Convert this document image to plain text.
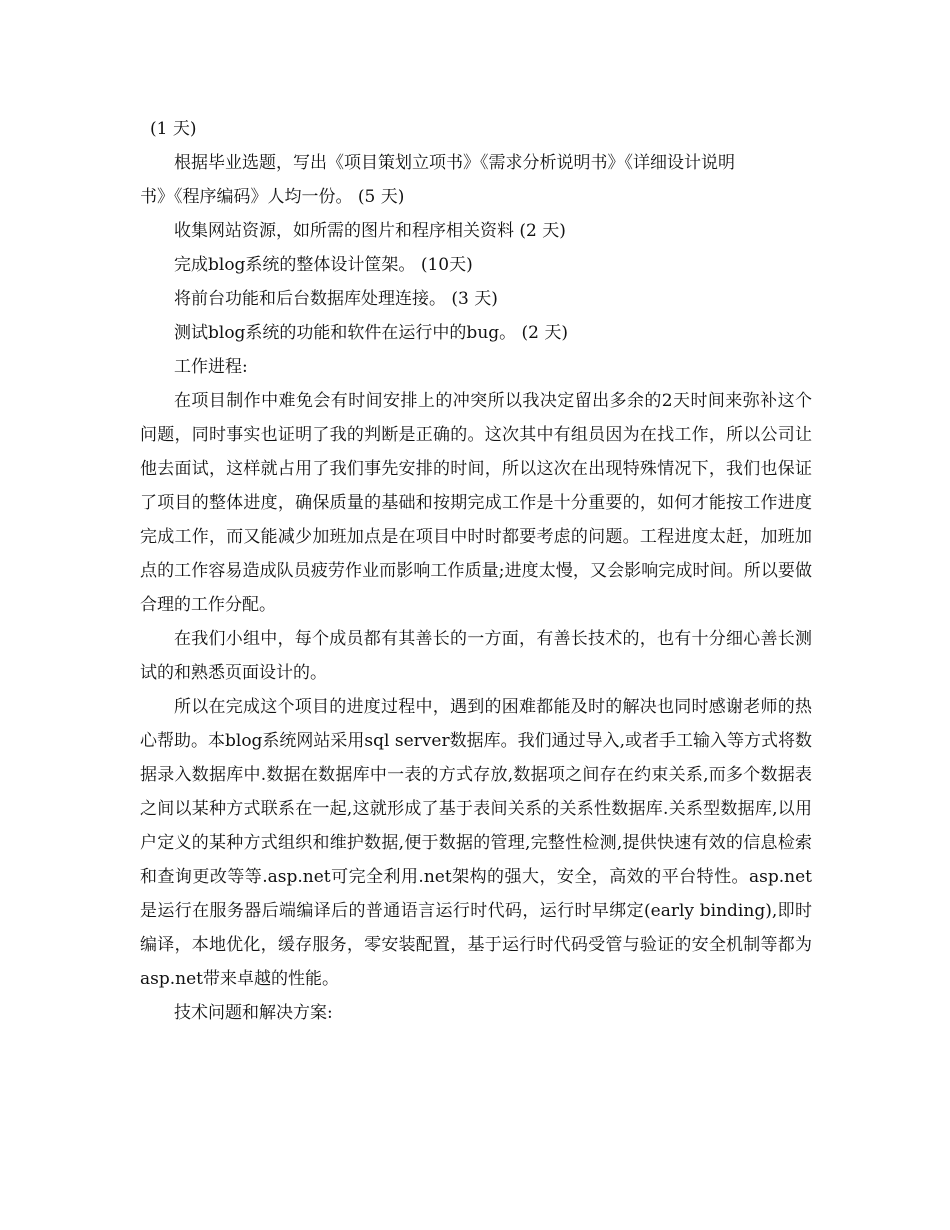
(1 天)
根据毕业选题，写出《项目策划立项书》《需求分析说明书》《详细设计说明
书》《程序编码》人均一份。 (5 天)
收集网站资源，如所需的图片和程序相关资料 (2 天)
完成blog系统的整体设计筐架。 (10天)
将前台功能和后台数据库处理连接。 (3 天)
测试blog系统的功能和软件在运行中的bug。 (2 天)
工作进程:
在项目制作中难免会有时间安排上的冲突所以我决定留出多余的2天时间来弥补这个问题，同时事实也证明了我的判断是正确的。这次其中有组员因为在找工作，所以公司让他去面试，这样就占用了我们事先安排的时间，所以这次在出现特殊情况下，我们也保证了项目的整体进度，确保质量的基础和按期完成工作是十分重要的，如何才能按工作进度完成工作，而又能减少加班加点是在项目中时时都要考虑的问题。工程进度太赶，加班加点的工作容易造成队员疲劳作业而影响工作质量;进度太慢，又会影响完成时间。所以要做合理的工作分配。
在我们小组中，每个成员都有其善长的一方面，有善长技术的，也有十分细心善长测试的和熟悉页面设计的。
所以在完成这个项目的进度过程中，遇到的困难都能及时的解决也同时感谢老师的热心帮助。本blog系统网站采用sql server数据库。我们通过导入,或者手工输入等方式将数据录入数据库中.数据在数据库中一表的方式存放,数据项之间存在约束关系,而多个数据表之间以某种方式联系在一起,这就形成了基于表间关系的关系性数据库.关系型数据库,以用户定义的某种方式组织和维护数据,便于数据的管理,完整性检测,提供快速有效的信息检索和查询更改等等.asp.net可完全利用.net架构的强大，安全，高效的平台特性。asp.net是运行在服务器后端编译后的普通语言运行时代码，运行时早绑定(early binding),即时编译，本地优化，缓存服务，零安装配置，基于运行时代码受管与验证的安全机制等都为asp.net带来卓越的性能。
技术问题和解决方案:
